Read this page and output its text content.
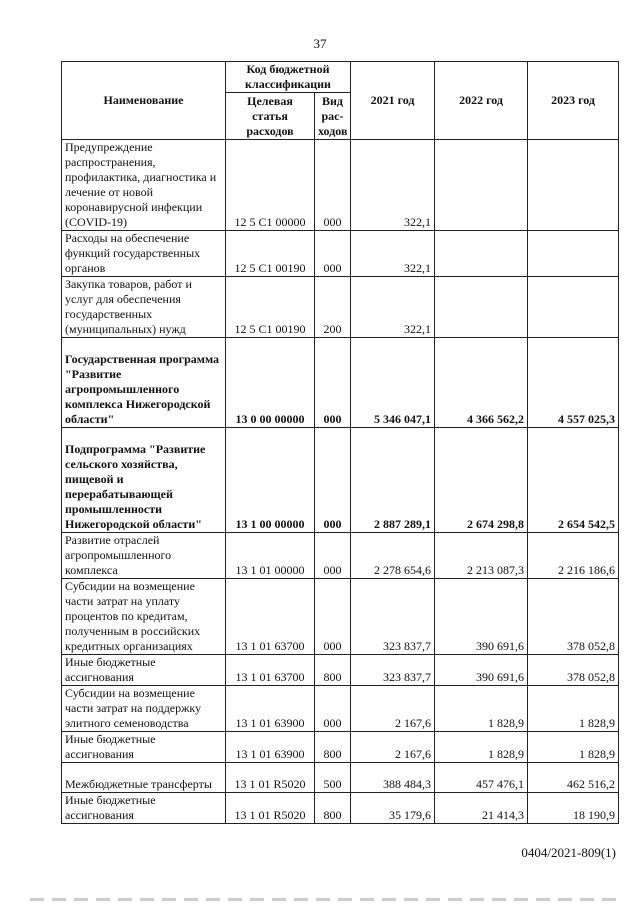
37
Наименование	Код бюджетной классификации		2021 год	2022 год	2023 год
	Целевая статья расходов	Вид рас-ходов			
Предупреждение распространения, профилактика, диагностика и лечение от новой коронавирусной инфекции (COVID-19)	12 5 С1 00000	000	322,1		
Расходы на обеспечение функций государственных органов	12 5 С1 00190	000	322,1		
Закупка товаров, работ и услуг для обеспечения государственных (муниципальных) нужд	12 5 С1 00190	200	322,1		
Государственная программа "Развитие агропромышленного комплекса Нижегородской области"	13 0 00 00000	000	5 346 047,1	4 366 562,2	4 557 025,3
Подпрограмма "Развитие сельского хозяйства, пищевой и перерабатывающей промышленности Нижегородской области"	13 1 00 00000	000	2 887 289,1	2 674 298,8	2 654 542,5
Развитие отраслей агропромышленного комплекса	13 1 01 00000	000	2 278 654,6	2 213 087,3	2 216 186,6
Субсидии на возмещение части затрат на уплату процентов по кредитам, полученным в российских кредитных организациях	13 1 01 63700	000	323 837,7	390 691,6	378 052,8
Иные бюджетные ассигнования	13 1 01 63700	800	323 837,7	390 691,6	378 052,8
Субсидии на возмещение части затрат на поддержку элитного семеноводства	13 1 01 63900	000	2 167,6	1 828,9	1 828,9
Иные бюджетные ассигнования	13 1 01 63900	800	2 167,6	1 828,9	1 828,9
Межбюджетные трансферты	13 1 01 R5020	500	388 484,3	457 476,1	462 516,2
Иные бюджетные ассигнования	13 1 01 R5020	800	35 179,6	21 414,3	18 190,9
0404/2021-809(1)
